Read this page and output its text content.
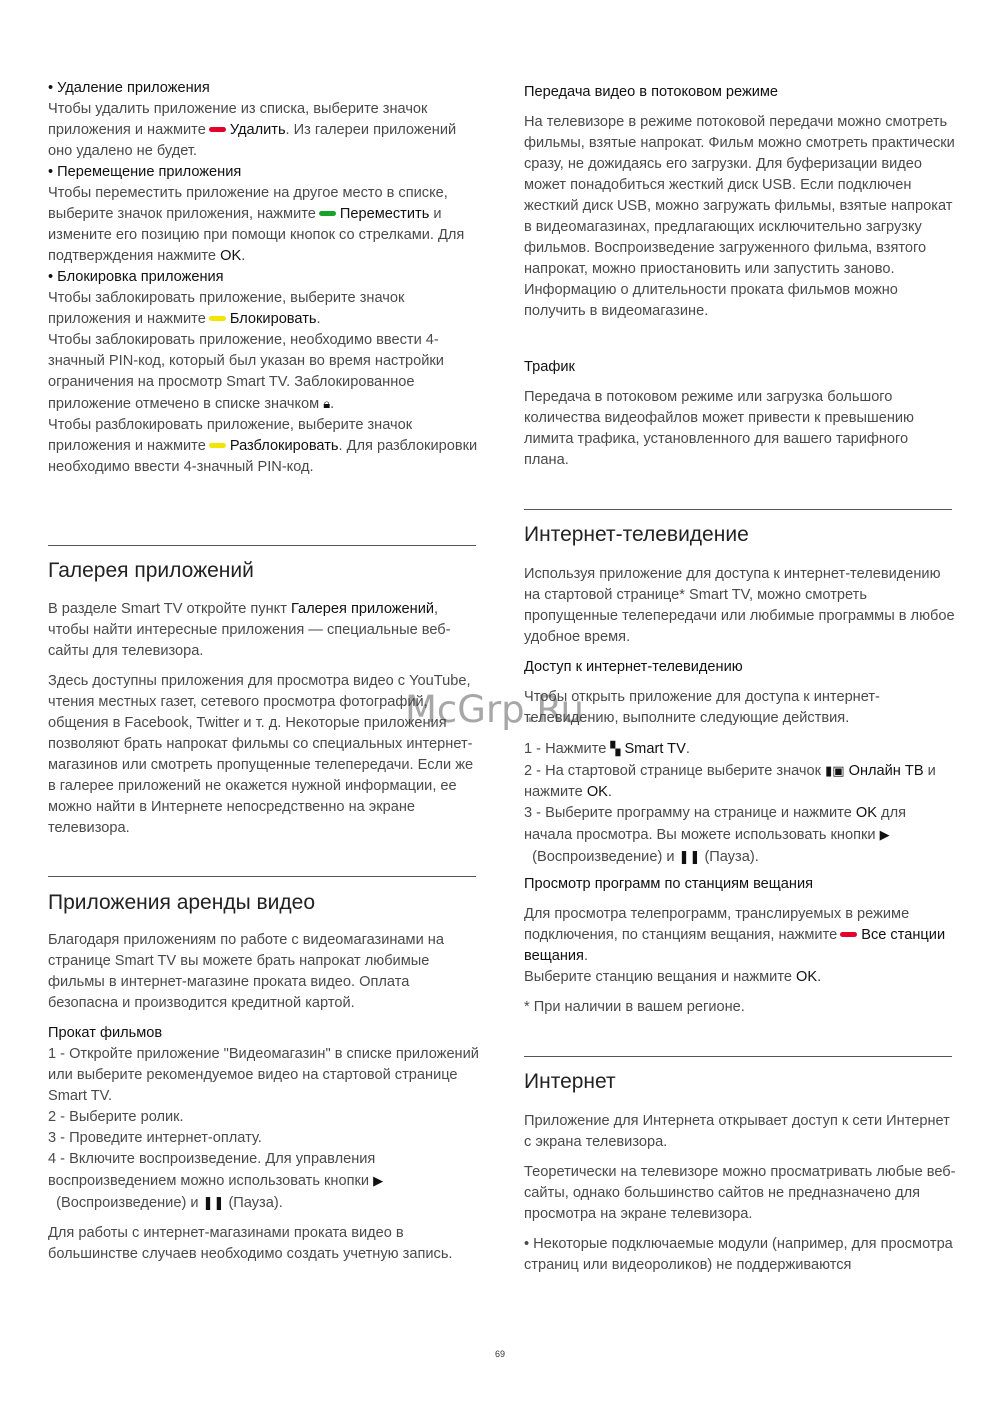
• Удаление приложения

Чтобы удалить приложение из списка, выберите значок приложения и нажмите Удалить. Из галереи приложений оно удалено не будет.

• Перемещение приложения

Чтобы переместить приложение на другое место в списке, выберите значок приложения, нажмите Переместить и измените его позицию при помощи кнопок со стрелками. Для подтверждения нажмите OK.

• Блокировка приложения

Чтобы заблокировать приложение, выберите значок приложения и нажмите Блокировать.

Чтобы заблокировать приложение, необходимо ввести 4-значный PIN-код, который был указан во время настройки ограничения на просмотр Smart TV. Заблокированное приложение отмечено в списке значком 🔒︎.

Чтобы разблокировать приложение, выберите значок приложения и нажмите Разблокировать. Для разблокировки необходимо ввести 4-значный PIN-код.

Галерея приложений

В разделе Smart TV откройте пункт Галерея приложений, чтобы найти интересные приложения — специальные веб-сайты для телевизора.

Здесь доступны приложения для просмотра видео с YouTube, чтения местных газет, сетевого просмотра фотографий, общения в Facebook, Twitter и т. д. Некоторые приложения позволяют брать напрокат фильмы со специальных интернет-магазинов или смотреть пропущенные телепередачи. Если же в галерее приложений не окажется нужной информации, ее можно найти в Интернете непосредственно на экране телевизора.

Приложения аренды видео

Благодаря приложениям по работе с видеомагазинами на странице Smart TV вы можете брать напрокат любимые фильмы в интернет-магазине проката видео. Оплата безопасна и производится кредитной картой.

Прокат фильмов

1 - Откройте приложение "Видеомагазин" в списке приложений или выберите рекомендуемое видео на стартовой странице Smart TV.

2 - Выберите ролик.

3 - Проведите интернет-оплату.

4 - Включите воспроизведение. Для управления воспроизведением можно использовать кнопки ▶
(Воспроизведение) и ❚❚ (Пауза).

Для работы с интернет-магазинами проката видео в большинстве случаев необходимо создать учетную запись.

Передача видео в потоковом режиме

На телевизоре в режиме потоковой передачи можно смотреть фильмы, взятые напрокат. Фильм можно смотреть практически сразу, не дожидаясь его загрузки. Для буферизации видео может понадобиться жесткий диск USB. Если подключен жесткий диск USB, можно загружать фильмы, взятые напрокат в видеомагазинах, предлагающих исключительно загрузку фильмов. Воспроизведение загруженного фильма, взятого напрокат, можно приостановить или запустить заново. Информацию о длительности проката фильмов можно получить в видеомагазине.

Трафик

Передача в потоковом режиме или загрузка большого количества видеофайлов может привести к превышению лимита трафика, установленного для вашего тарифного плана.

Интернет-телевидение

Используя приложение для доступа к интернет-телевидению на стартовой странице* Smart TV, можно смотреть пропущенные телепередачи или любимые программы в любое удобное время.

Доступ к интернет-телевидению

Чтобы открыть приложение для доступа к интернет-телевидению, выполните следующие действия.

1 - Нажмите ▚ Smart TV.

2 - На стартовой странице выберите значок ▮▣ Онлайн ТВ и нажмите OK.

3 - Выберите программу на странице и нажмите OK для начала просмотра. Вы можете использовать кнопки ▶
(Воспроизведение) и ❚❚ (Пауза).

Просмотр программ по станциям вещания

Для просмотра телепрограмм, транслируемых в режиме подключения, по станциям вещания, нажмите Все станции вещания.

Выберите станцию вещания и нажмите OK.

* При наличии в вашем регионе.

Интернет

Приложение для Интернета открывает доступ к сети Интернет с экрана телевизора.

Теоретически на телевизоре можно просматривать любые веб-сайты, однако большинство сайтов не предназначено для просмотра на экране телевизора.

• Некоторые подключаемые модули (например, для просмотра страниц или видеороликов) не поддерживаются

McGrp.Ru
69
